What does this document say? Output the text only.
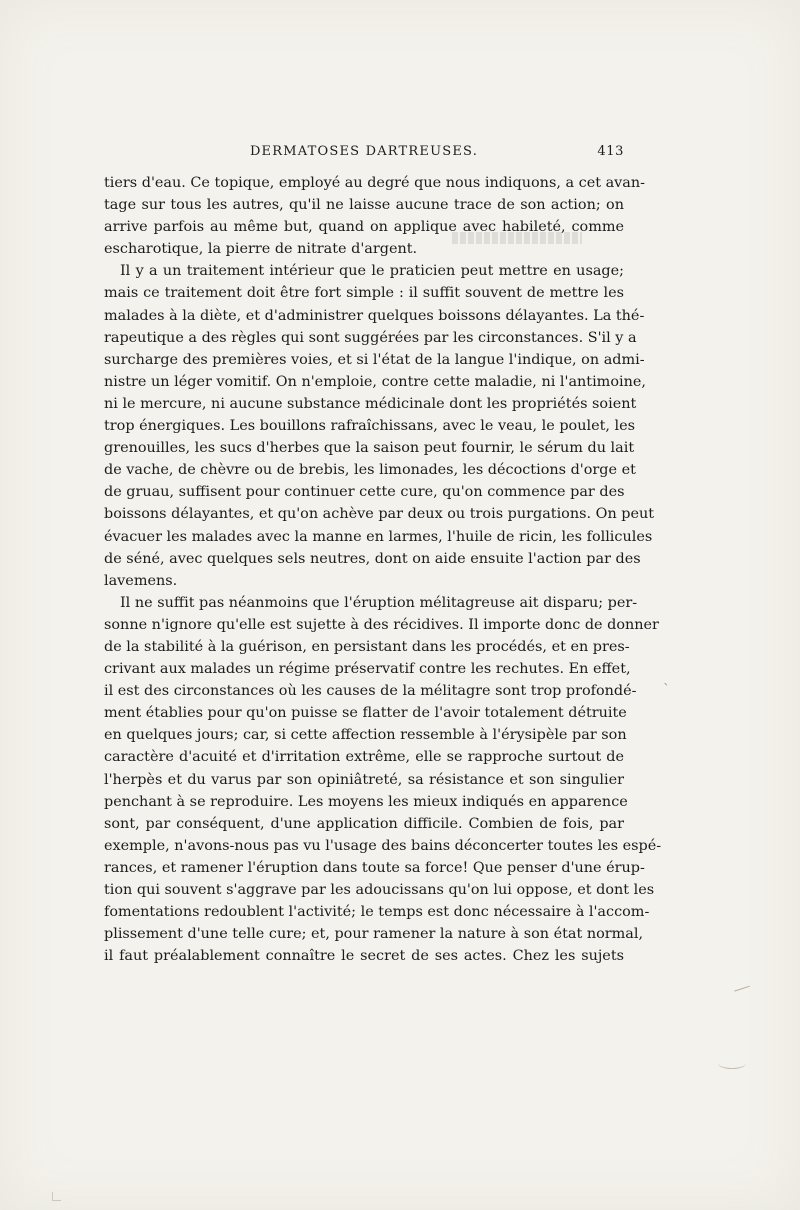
DERMATOSES DARTREUSES.	413
tiers d'eau. Ce topique, employé au degré que nous indiquons, a cet avan-
tage sur tous les autres, qu'il ne laisse aucune trace de son action; on
arrive parfois au même but, quand on applique avec habileté, comme
escharotique, la pierre de nitrate d'argent.
Il y a un traitement intérieur que le praticien peut mettre en usage;
mais ce traitement doit être fort simple : il suffit souvent de mettre les
malades à la diète, et d'administrer quelques boissons délayantes. La thé-
rapeutique a des règles qui sont suggérées par les circonstances. S'il y a
surcharge des premières voies, et si l'état de la langue l'indique, on admi-
nistre un léger vomitif. On n'emploie, contre cette maladie, ni l'antimoine,
ni le mercure, ni aucune substance médicinale dont les propriétés soient
trop énergiques. Les bouillons rafraîchissans, avec le veau, le poulet, les
grenouilles, les sucs d'herbes que la saison peut fournir, le sérum du lait
de vache, de chèvre ou de brebis, les limonades, les décoctions d'orge et
de gruau, suffisent pour continuer cette cure, qu'on commence par des
boissons délayantes, et qu'on achève par deux ou trois purgations. On peut
évacuer les malades avec la manne en larmes, l'huile de ricin, les follicules
de séné, avec quelques sels neutres, dont on aide ensuite l'action par des
lavemens.
Il ne suffit pas néanmoins que l'éruption mélitagreuse ait disparu; per-
sonne n'ignore qu'elle est sujette à des récidives. Il importe donc de donner
de la stabilité à la guérison, en persistant dans les procédés, et en pres-
crivant aux malades un régime préservatif contre les rechutes. En effet,
il est des circonstances où les causes de la mélitagre sont trop profondé-
ment établies pour qu'on puisse se flatter de l'avoir totalement détruite
en quelques jours; car, si cette affection ressemble à l'érysipèle par son
caractère d'acuité et d'irritation extrême, elle se rapproche surtout de
l'herpès et du varus par son opiniâtreté, sa résistance et son singulier
penchant à se reproduire. Les moyens les mieux indiqués en apparence
sont, par conséquent, d'une application difficile. Combien de fois, par
exemple, n'avons-nous pas vu l'usage des bains déconcerter toutes les espé-
rances, et ramener l'éruption dans toute sa force! Que penser d'une érup-
tion qui souvent s'aggrave par les adoucissans qu'on lui oppose, et dont les
fomentations redoublent l'activité; le temps est donc nécessaire à l'accom-
plissement d'une telle cure; et, pour ramener la nature à son état normal,
il faut préalablement connaître le secret de ses actes. Chez les sujets
`
